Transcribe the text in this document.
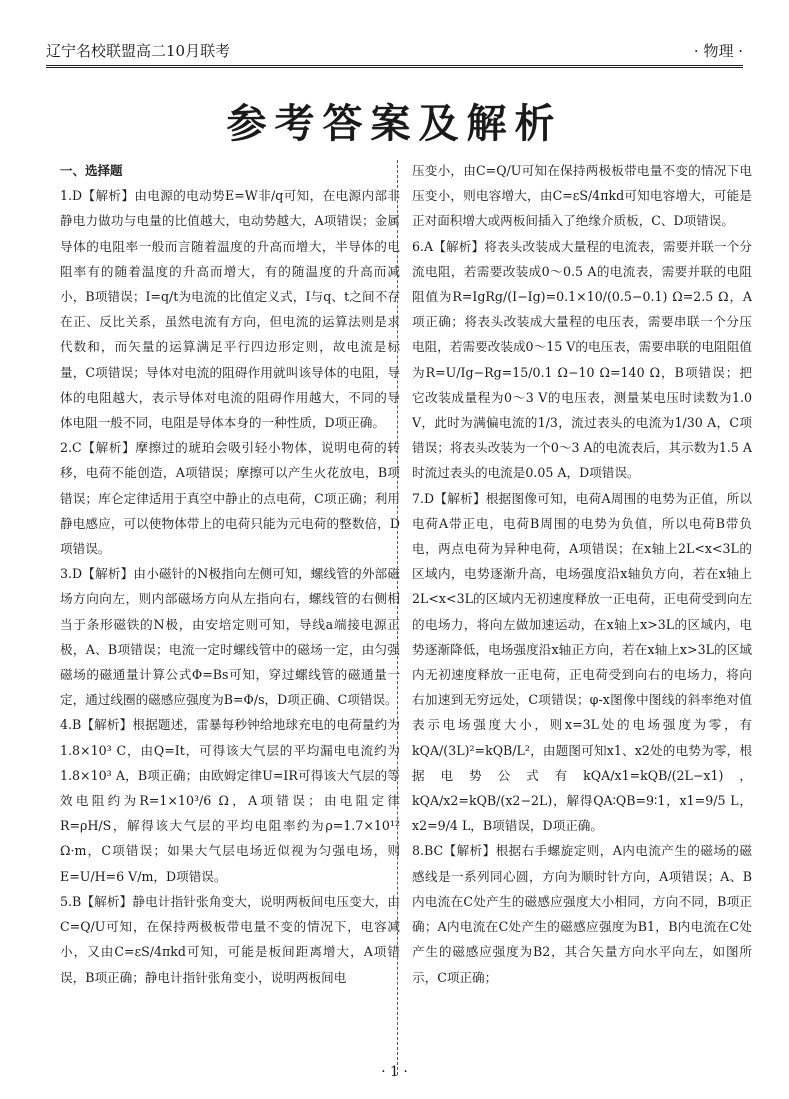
辽宁名校联盟高二10月联考	· 物理 ·
参考答案及解析
一、选择题

1.D【解析】由电源的电动势E=W非/q可知，在电源内部非静电力做功与电量的比值越大，电动势越大，A项错误；金属导体的电阻率一般而言随着温度的升高而增大，半导体的电阻率有的随着温度的升高而增大，有的随温度的升高而减小，B项错误；I=q/t为电流的比值定义式，I与q、t之间不存在正、反比关系，虽然电流有方向，但电流的运算法则是求代数和，而矢量的运算满足平行四边形定则，故电流是标量，C项错误；导体对电流的阻碍作用就叫该导体的电阻，导体的电阻越大，表示导体对电流的阻碍作用越大，不同的导体电阻一般不同，电阻是导体本身的一种性质，D项正确。

2.C【解析】摩擦过的琥珀会吸引轻小物体，说明电荷的转移，电荷不能创造，A项错误；摩擦可以产生火花放电，B项错误；库仑定律适用于真空中静止的点电荷，C项正确；利用静电感应，可以使物体带上的电荷只能为元电荷的整数倍，D项错误。

3.D【解析】由小磁针的N极指向左侧可知，螺线管的外部磁场方向向左，则内部磁场方向从左指向右，螺线管的右侧相当于条形磁铁的N极，由安培定则可知，导线a端接电源正极，A、B项错误；电流一定时螺线管中的磁场一定，由匀强磁场的磁通量计算公式Φ=Bs可知，穿过螺线管的磁通量一定，通过线圈的磁感应强度为B=Φ/s，D项正确、C项错误。

4.B【解析】根据题述，雷暴每秒钟给地球充电的电荷量约为1.8×10³ C，由Q=It，可得该大气层的平均漏电电流约为1.8×10³ A，B项正确；由欧姆定律U=IR可得该大气层的等效电阻约为R=1×10³/6 Ω，A项错误；由电阻定律R=ρH/S，解得该大气层的平均电阻率约为ρ=1.7×10¹² Ω·m，C项错误；如果大气层电场近似视为匀强电场，则E=U/H=6 V/m，D项错误。

5.B【解析】静电计指针张角变大，说明两板间电压变大，由C=Q/U可知，在保持两极板带电量不变的情况下，电容减小，又由C=εS/4πkd可知，可能是板间距离增大，A项错误，B项正确；静电计指针张角变小，说明两板间电

压变小，由C=Q/U可知在保持两极板带电量不变的情况下电压变小，则电容增大，由C=εS/4πkd可知电容增大，可能是正对面积增大或两板间插入了绝缘介质板，C、D项错误。

6.A【解析】将表头改装成大量程的电流表，需要并联一个分流电阻，若需要改装成0～0.5 A的电流表，需要并联的电阻阻值为R=IgRg/(I−Ig)=0.1×10/(0.5−0.1) Ω=2.5 Ω，A项正确；将表头改装成大量程的电压表，需要串联一个分压电阻，若需要改装成0～15 V的电压表，需要串联的电阻阻值为R=U/Ig−Rg=15/0.1 Ω−10 Ω=140 Ω，B项错误；把它改装成量程为0～3 V的电压表，测量某电压时读数为1.0 V，此时为满偏电流的1/3，流过表头的电流为1/30 A，C项错误；将表头改装为一个0～3 A的电流表后，其示数为1.5 A时流过表头的电流是0.05 A，D项错误。

7.D【解析】根据图像可知，电荷A周围的电势为正值，所以电荷A带正电，电荷B周围的电势为负值，所以电荷B带负电，两点电荷为异种电荷，A项错误；在x轴上2L<x<3L的区域内，电势逐渐升高，电场强度沿x轴负方向，若在x轴上2L<x<3L的区域内无初速度释放一正电荷，正电荷受到向左的电场力，将向左做加速运动，在x轴上x>3L的区域内，电势逐渐降低，电场强度沿x轴正方向，若在x轴上x>3L的区域内无初速度释放一正电荷，正电荷受到向右的电场力，将向右加速到无穷远处，C项错误；φ-x图像中图线的斜率绝对值表示电场强度大小，则x=3L处的电场强度为零，有kQA/(3L)²=kQB/L²，由题图可知x1、x2处的电势为零，根据电势公式有kQA/x1=kQB/(2L−x1)，kQA/x2=kQB/(x2−2L)，解得QA∶QB=9∶1，x1=9/5 L，x2=9/4 L，B项错误，D项正确。

8.BC【解析】根据右手螺旋定则，A内电流产生的磁场的磁感线是一系列同心圆，方向为顺时针方向，A项错误；A、B内电流在C处产生的磁感应强度大小相同，方向不同，B项正确；A内电流在C处产生的磁感应强度为B1，B内电流在C处产生的磁感应强度为B2，其合矢量方向水平向左，如图所示，C项正确；

· 1 ·
